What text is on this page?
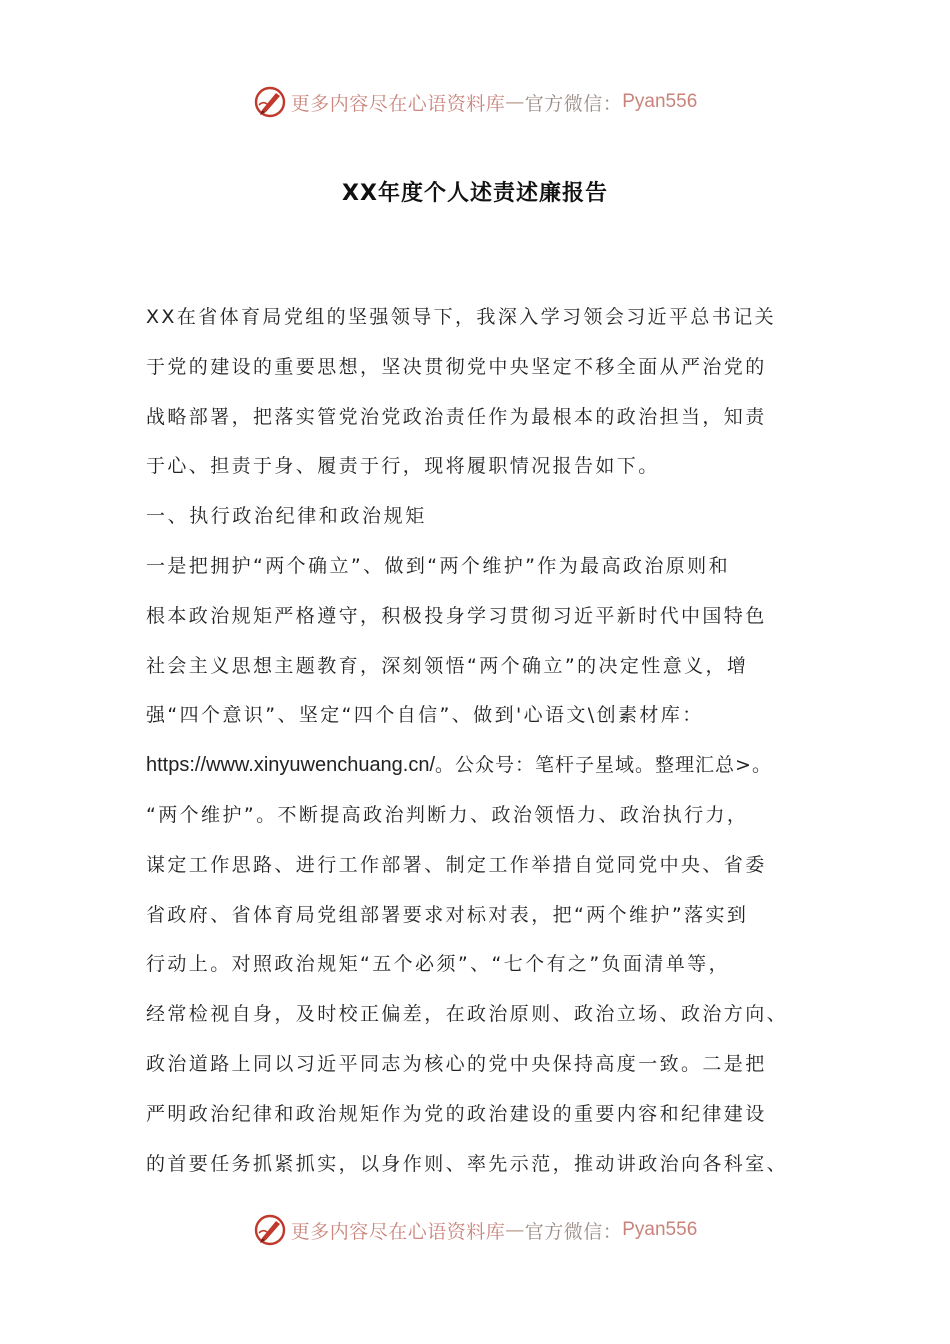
更多内容尽在心语资料库 — 官方微信： Pyan556
XX年度个人述责述廉报告
XX在省体育局党组的坚强领导下，我深入学习领会习近平总书记关
于党的建设的重要思想，坚决贯彻党中央坚定不移全面从严治党的
战略部署，把落实管党治党政治责任作为最根本的政治担当，知责
于心、担责于身、履责于行，现将履职情况报告如下。
一、执行政治纪律和政治规矩
一是把拥护“两个确立”、做到“两个维护”作为最高政治原则和
根本政治规矩严格遵守，积极投身学习贯彻习近平新时代中国特色
社会主义思想主题教育，深刻领悟“两个确立”的决定性意义，增
强“四个意识”、坚定“四个自信”、做到'心语文\创素材库：
https://www.xinyuwenchuang.cn/。公众号：笔杆子星域。整理汇总>。
“两个维护”。不断提高政治判断力、政治领悟力、政治执行力，
谋定工作思路、进行工作部署、制定工作举措自觉同党中央、省委
省政府、省体育局党组部署要求对标对表，把“两个维护”落实到
行动上。对照政治规矩“五个必须”、“七个有之”负面清单等，
经常检视自身，及时校正偏差，在政治原则、政治立场、政治方向、
政治道路上同以习近平同志为核心的党中央保持高度一致。二是把
严明政治纪律和政治规矩作为党的政治建设的重要内容和纪律建设
的首要任务抓紧抓实，以身作则、率先示范，推动讲政治向各科室、
更多内容尽在心语资料库 — 官方微信： Pyan556
